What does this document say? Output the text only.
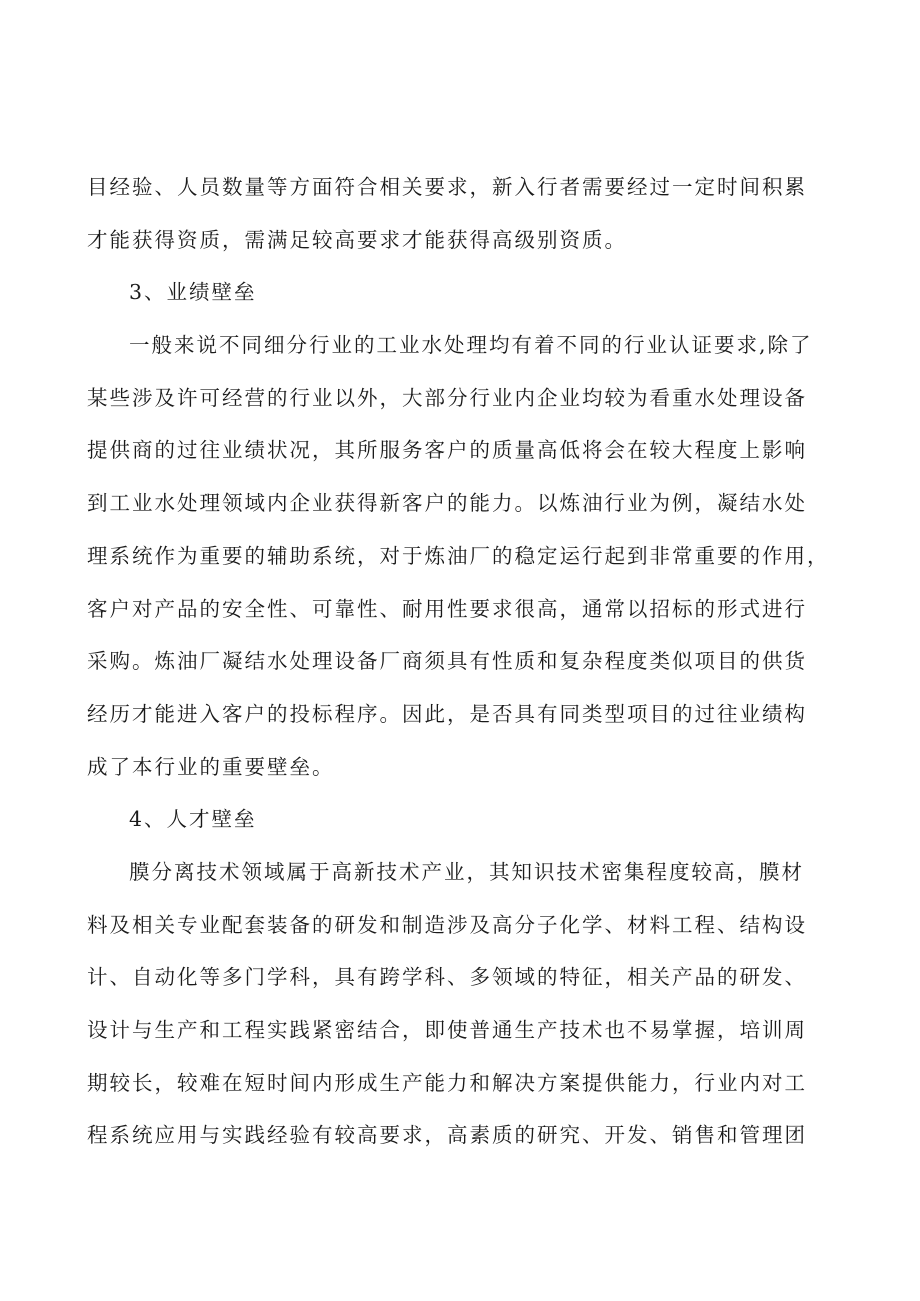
目经验、人员数量等方面符合相关要求，新入行者需要经过一定时间积累
才能获得资质，需满足较高要求才能获得高级别资质。
3、业绩壁垒
一般来说不同细分行业的工业水处理均有着不同的行业认证要求,除了
某些涉及许可经营的行业以外，大部分行业内企业均较为看重水处理设备
提供商的过往业绩状况，其所服务客户的质量高低将会在较大程度上影响
到工业水处理领域内企业获得新客户的能力。以炼油行业为例，凝结水处
理系统作为重要的辅助系统，对于炼油厂的稳定运行起到非常重要的作用，
客户对产品的安全性、可靠性、耐用性要求很高，通常以招标的形式进行
采购。炼油厂凝结水处理设备厂商须具有性质和复杂程度类似项目的供货
经历才能进入客户的投标程序。因此，是否具有同类型项目的过往业绩构
成了本行业的重要壁垒。
4、人才壁垒
膜分离技术领域属于高新技术产业，其知识技术密集程度较高，膜材
料及相关专业配套装备的研发和制造涉及高分子化学、材料工程、结构设
计、自动化等多门学科，具有跨学科、多领域的特征，相关产品的研发、
设计与生产和工程实践紧密结合，即使普通生产技术也不易掌握，培训周
期较长，较难在短时间内形成生产能力和解决方案提供能力，行业内对工
程系统应用与实践经验有较高要求，高素质的研究、开发、销售和管理团
